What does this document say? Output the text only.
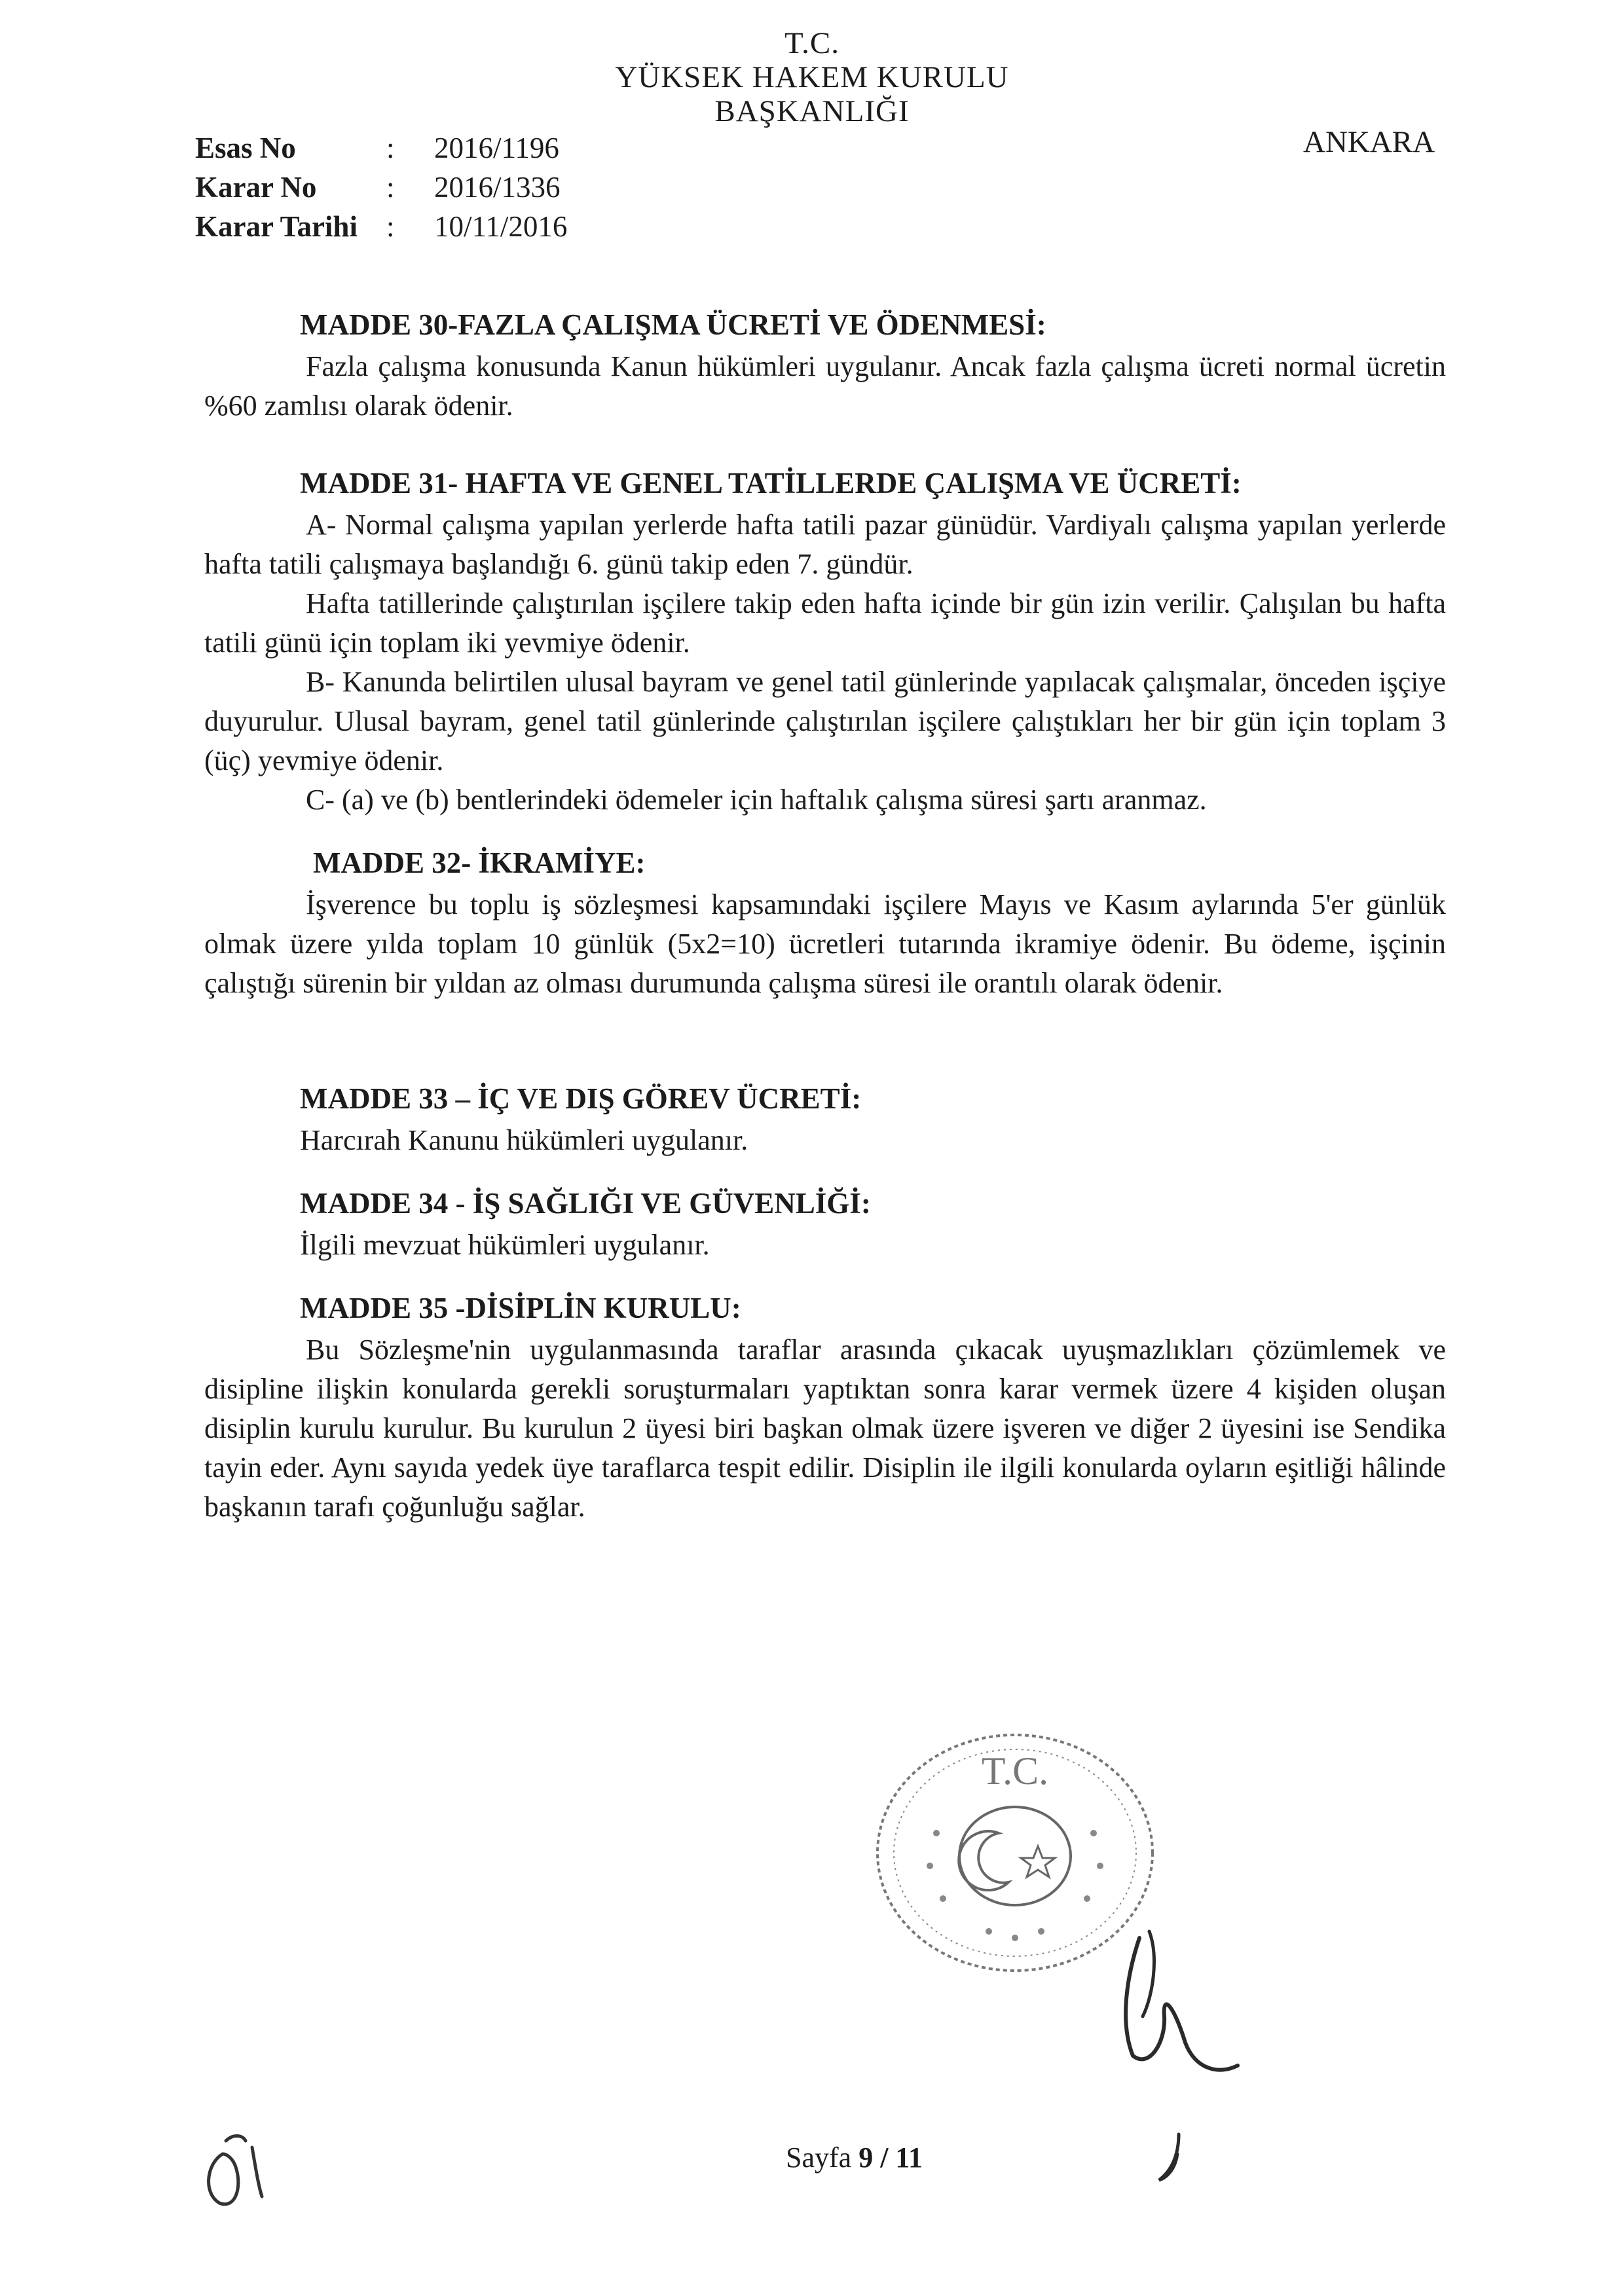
T.C.
YÜKSEK HAKEM KURULU
BAŞKANLIĞI
ANKARA
Esas No	: 2016/1196
Karar No	: 2016/1336
Karar Tarihi : 10/11/2016
MADDE 30-FAZLA ÇALIŞMA ÜCRETİ VE ÖDENMESİ:
Fazla çalışma konusunda Kanun hükümleri uygulanır. Ancak fazla çalışma ücreti normal ücretin %60 zamlısı olarak ödenir.
MADDE 31- HAFTA VE GENEL TATİLLERDE ÇALIŞMA VE ÜCRETİ:
A- Normal çalışma yapılan yerlerde hafta tatili pazar günüdür. Vardiyalı çalışma yapılan yerlerde hafta tatili çalışmaya başlandığı 6. günü takip eden 7. gündür.
Hafta tatillerinde çalıştırılan işçilere takip eden hafta içinde bir gün izin verilir. Çalışılan bu hafta tatili günü için toplam iki yevmiye ödenir.
B- Kanunda belirtilen ulusal bayram ve genel tatil günlerinde yapılacak çalışmalar, önceden işçiye duyurulur. Ulusal bayram, genel tatil günlerinde çalıştırılan işçilere çalıştıkları her bir gün için toplam 3 (üç) yevmiye ödenir.
C- (a) ve (b) bentlerindeki ödemeler için haftalık çalışma süresi şartı aranmaz.
MADDE 32- İKRAMİYE:
İşverence bu toplu iş sözleşmesi kapsamındaki işçilere Mayıs ve Kasım aylarında 5'er günlük olmak üzere yılda toplam 10 günlük (5x2=10) ücretleri tutarında ikramiye ödenir. Bu ödeme, işçinin çalıştığı sürenin bir yıldan az olması durumunda çalışma süresi ile orantılı olarak ödenir.
MADDE 33 – İÇ VE DIŞ GÖREV ÜCRETİ:
Harcırah Kanunu hükümleri uygulanır.
MADDE 34 - İŞ SAĞLIĞI VE GÜVENLİĞİ:
İlgili mevzuat hükümleri uygulanır.
MADDE 35 -DİSİPLİN KURULU:
Bu Sözleşme'nin uygulanmasında taraflar arasında çıkacak uyuşmazlıkları çözümlemek ve disipline ilişkin konularda gerekli soruşturmaları yaptıktan sonra karar vermek üzere 4 kişiden oluşan disiplin kurulu kurulur. Bu kurulun 2 üyesi biri başkan olmak üzere işveren ve diğer 2 üyesini ise Sendika tayin eder. Aynı sayıda yedek üye taraflarca tespit edilir. Disiplin ile ilgili konularda oyların eşitliği hâlinde başkanın tarafı çoğunluğu sağlar.
T.C.
Sayfa 9 / 11
